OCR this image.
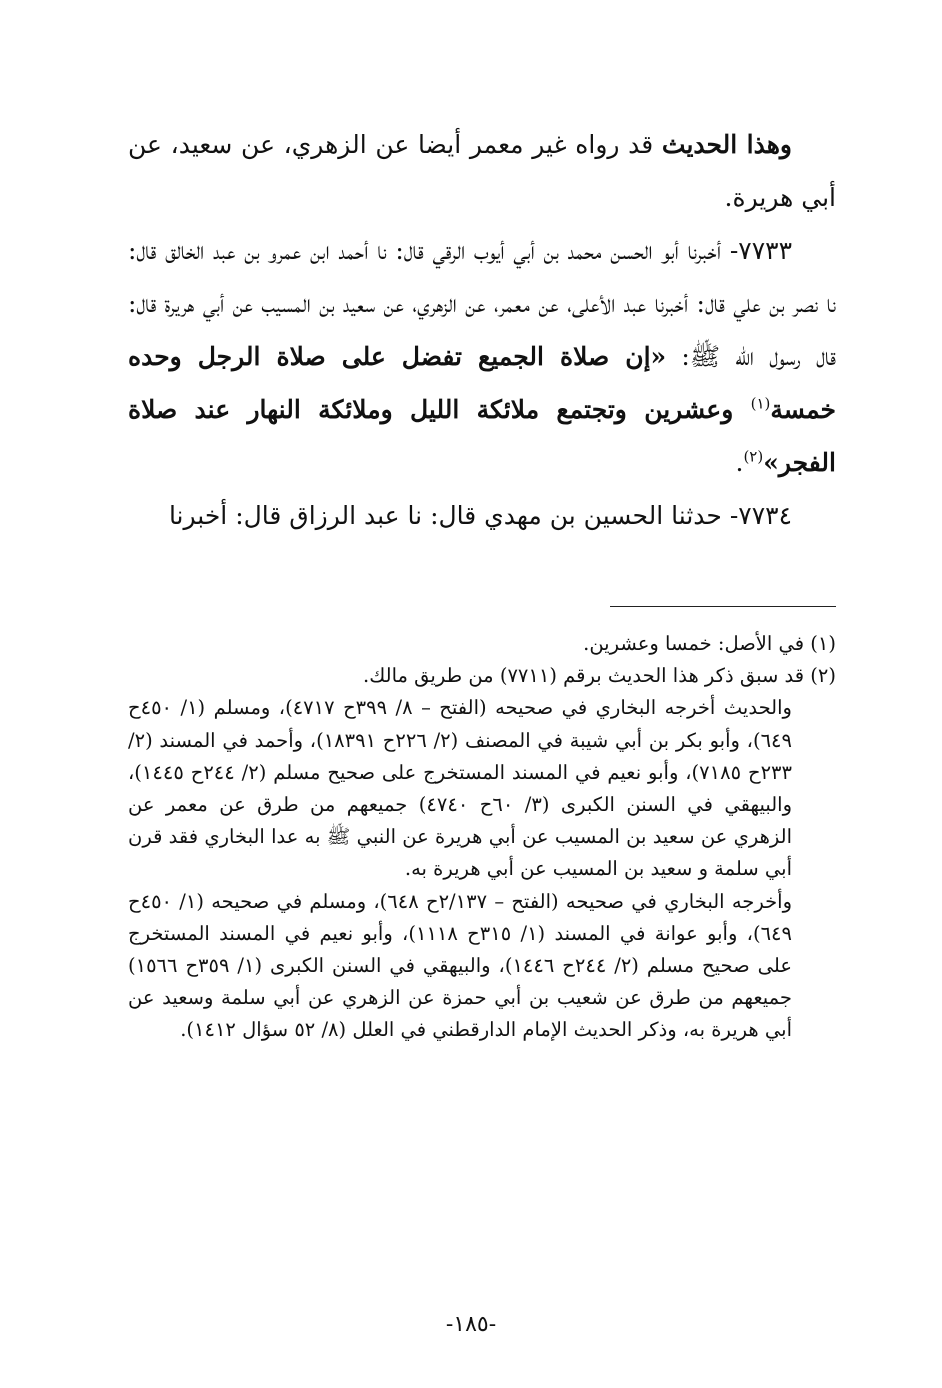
وهذا الحديث قد رواه غير معمر أيضا عن الزهري، عن سعيد، عن أبي هريرة.

٧٧٣٣- أخبرنا أبو الحسن محمد بن أبي أيوب الرقي قال: نا أحمد ابن عمرو بن عبد الخالق قال: نا نصر بن علي قال: أخبرنا عبد الأعلى، عن معمر، عن الزهري، عن سعيد بن المسيب عن أبي هريرة قال: قال رسول الله ﷺ: «إن صلاة الجميع تفضل على صلاة الرجل وحده خمسة$^{(١)}$ وعشرين وتجتمع ملائكة الليل وملائكة النهار عند صلاة الفجر»$^{(٢)}$.

٧٧٣٤- حدثنا الحسين بن مهدي قال: نا عبد الرزاق قال: أخبرنا

(١) في الأصل: خمسا وعشرين.

(٢) قد سبق ذكر هذا الحديث برقم (٧٧١١) من طريق مالك.

والحديث أخرجه البخاري في صحيحه (الفتح – ٨/ ٣٩٩ح ٤٧١٧)، ومسلم (١/ ٤٥٠ح ٦٤٩)، وأبو بكر بن أبي شيبة في المصنف (٢/ ٢٢٦ح ١٨٣٩١)، وأحمد في المسند (٢/ ٢٣٣ح ٧١٨٥)، وأبو نعيم في المسند المستخرج على صحيح مسلم (٢/ ٢٤٤ح ١٤٤٥)، والبيهقي في السنن الكبرى (٣/ ٦٠ح ٤٧٤٠) جميعهم من طرق عن معمر عن الزهري عن سعيد بن المسيب عن أبي هريرة عن النبي ﷺ به عدا البخاري فقد قرن أبي سلمة و سعيد بن المسيب عن أبي هريرة به.

وأخرجه البخاري في صحيحه (الفتح – ٢/١٣٧ح ٦٤٨)، ومسلم في صحيحه (١/ ٤٥٠ح ٦٤٩)، وأبو عوانة في المسند (١/ ٣١٥ح ١١١٨)، وأبو نعيم في المسند المستخرج على صحيح مسلم (٢/ ٢٤٤ح ١٤٤٦)، والبيهقي في السنن الكبرى (١/ ٣٥٩ح ١٥٦٦) جميعهم من طرق عن شعيب بن أبي حمزة عن الزهري عن أبي سلمة وسعيد عن أبي هريرة به، وذكر الحديث الإمام الدارقطني في العلل (٨/ ٥٢ سؤال ١٤١٢).

-١٨٥-
